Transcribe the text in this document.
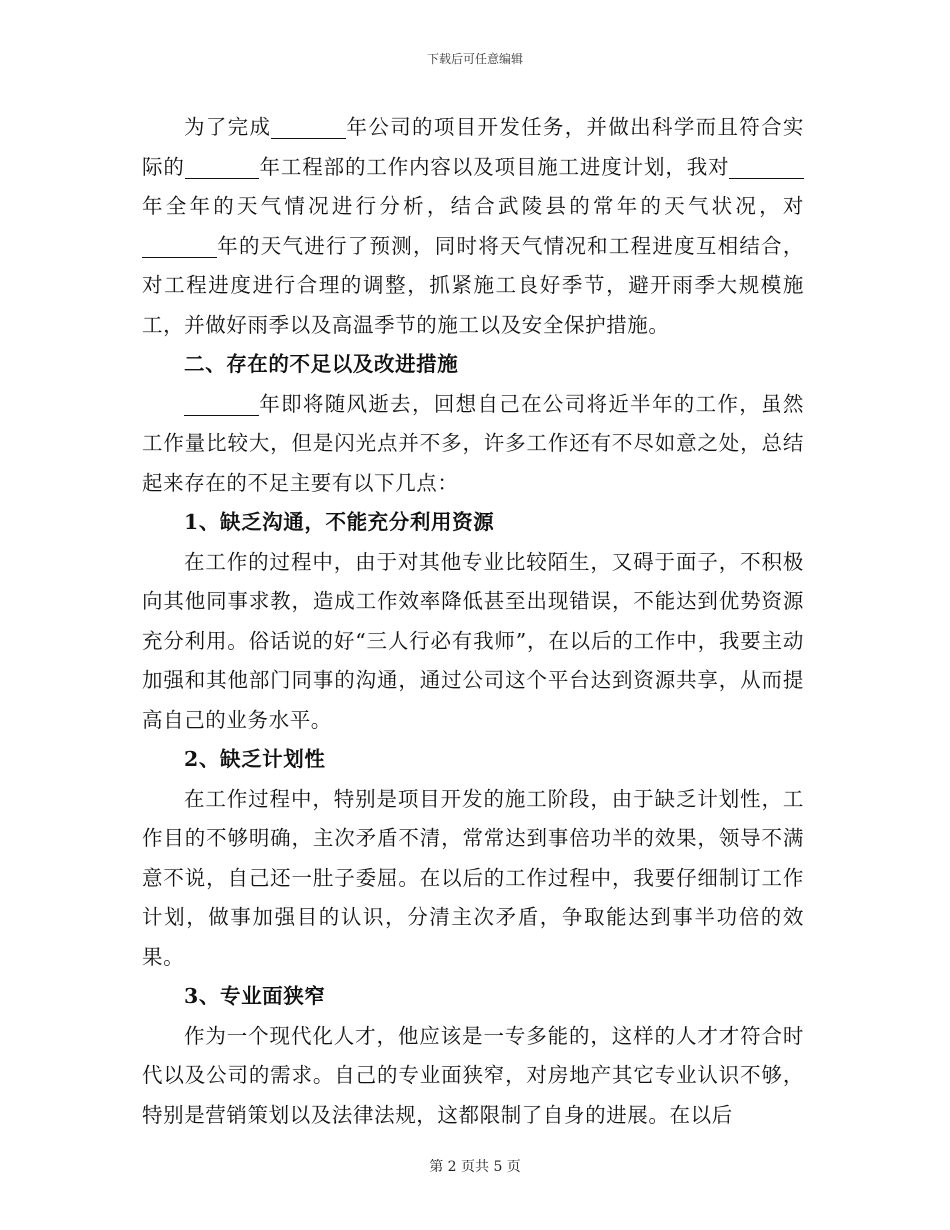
下载后可任意编辑

为了完成 ___年公司的项目开发任务，并做出科学而且符合实际的 ___年工程部的工作内容以及项目施工进度计划，我对 ___年全年的天气情况进行分析，结合武陵县的常年的天气状况，对___年的天气进行了预测，同时将天气情况和工程进度互相结合，对工程进度进行合理的调整，抓紧施工良好季节，避开雨季大规模施工，并做好雨季以及高温季节的施工以及安全保护措施。

二、存在的不足以及改进措施

___年即将随风逝去，回想自己在公司将近半年的工作，虽然工作量比较大，但是闪光点并不多，许多工作还有不尽如意之处，总结起来存在的不足主要有以下几点：

1、缺乏沟通，不能充分利用资源

在工作的过程中，由于对其他专业比较陌生，又碍于面子，不积极向其他同事求教，造成工作效率降低甚至出现错误，不能达到优势资源充分利用。俗话说的好“三人行必有我师”，在以后的工作中，我要主动加强和其他部门同事的沟通，通过公司这个平台达到资源共享，从而提高自己的业务水平。

2、缺乏计划性

在工作过程中，特别是项目开发的施工阶段，由于缺乏计划性，工作目的不够明确，主次矛盾不清，常常达到事倍功半的效果，领导不满意不说，自己还一肚子委屈。在以后的工作过程中，我要仔细制订工作计划，做事加强目的认识，分清主次矛盾，争取能达到事半功倍的效果。

3、专业面狭窄

作为一个现代化人才，他应该是一专多能的，这样的人才才符合时代以及公司的需求。自己的专业面狭窄，对房地产其它专业认识不够，特别是营销策划以及法律法规，这都限制了自身的进展。在以后

第 2 页共 5 页
